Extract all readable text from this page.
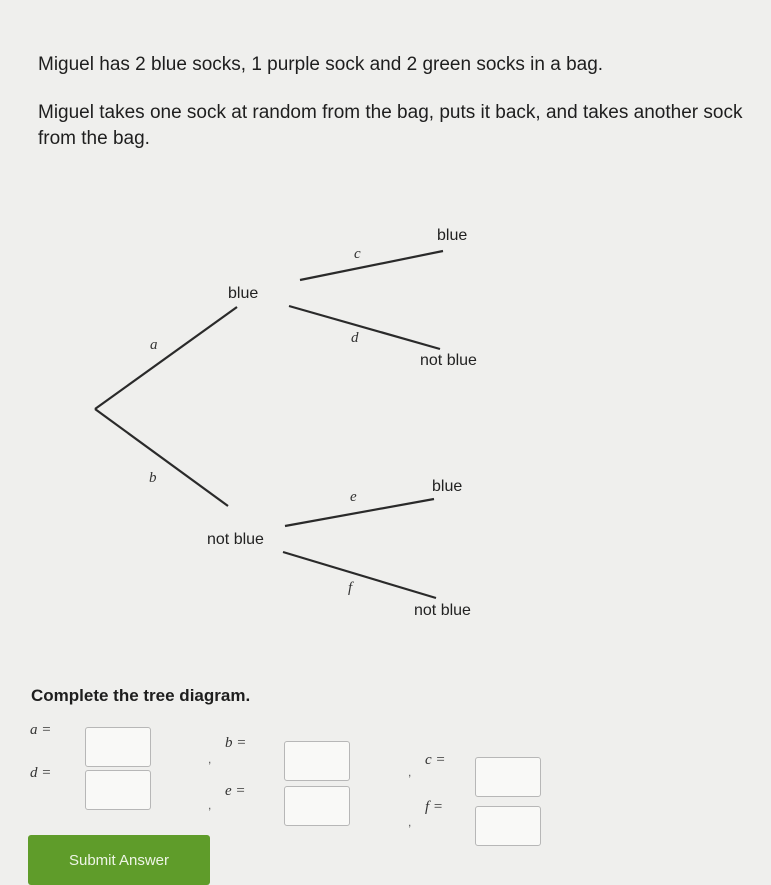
Miguel has 2 blue socks, 1 purple sock and 2 green socks in a bag.

Miguel takes one sock at random from the bag, puts it back, and takes another sock from the bag.

blue
not blue
blue
not blue
blue
not blue
a
b
c
d
e
f

Complete the tree diagram.

a =
d =
b =
,
e =
,
c =
,
f =
,
Submit Answer
